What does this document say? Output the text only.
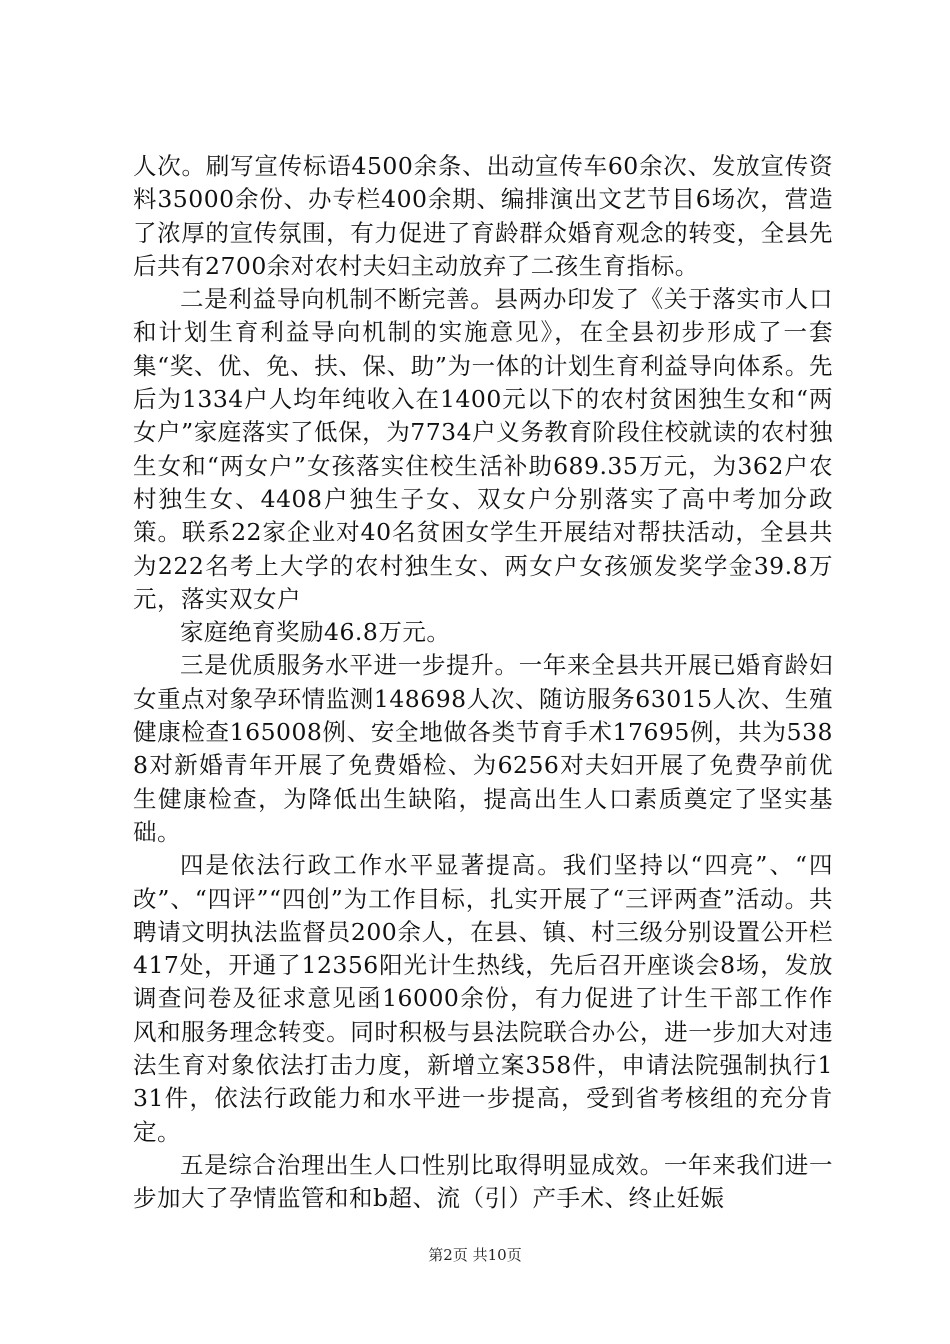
人次。刷写宣传标语4500余条、出动宣传车60余次、发放宣传资料35000余份、办专栏400余期、编排演出文艺节目6场次，营造了浓厚的宣传氛围，有力促进了育龄群众婚育观念的转变，全县先后共有2700余对农村夫妇主动放弃了二孩生育指标。

二是利益导向机制不断完善。县两办印发了《关于落实市人口和计划生育利益导向机制的实施意见》，在全县初步形成了一套集“奖、优、免、扶、保、助”为一体的计划生育利益导向体系。先后为1334户人均年纯收入在1400元以下的农村贫困独生女和“两女户”家庭落实了低保，为7734户义务教育阶段住校就读的农村独生女和“两女户”女孩落实住校生活补助689.35万元，为362户农村独生女、4408户独生子女、双女户分别落实了高中考加分政策。联系22家企业对40名贫困女学生开展结对帮扶活动，全县共为222名考上大学的农村独生女、两女户女孩颁发奖学金39.8万元，落实双女户

家庭绝育奖励46.8万元。

三是优质服务水平进一步提升。一年来全县共开展已婚育龄妇女重点对象孕环情监测148698人次、随访服务63015人次、生殖健康检查165008例、安全地做各类节育手术17695例，共为5388对新婚青年开展了免费婚检、为6256对夫妇开展了免费孕前优生健康检查，为降低出生缺陷，提高出生人口素质奠定了坚实基础。

四是依法行政工作水平显著提高。我们坚持以“四亮”、“四改”、“四评”“四创”为工作目标，扎实开展了“三评两查”活动。共聘请文明执法监督员200余人，在县、镇、村三级分别设置公开栏417处，开通了12356阳光计生热线，先后召开座谈会8场，发放调查问卷及征求意见函16000余份，有力促进了计生干部工作作风和服务理念转变。同时积极与县法院联合办公，进一步加大对违法生育对象依法打击力度，新增立案358件，申请法院强制执行131件，依法行政能力和水平进一步提高，受到省考核组的充分肯定。

五是综合治理出生人口性别比取得明显成效。一年来我们进一步加大了孕情监管和和b超、流（引）产手术、终止妊娠

第2页 共10页
